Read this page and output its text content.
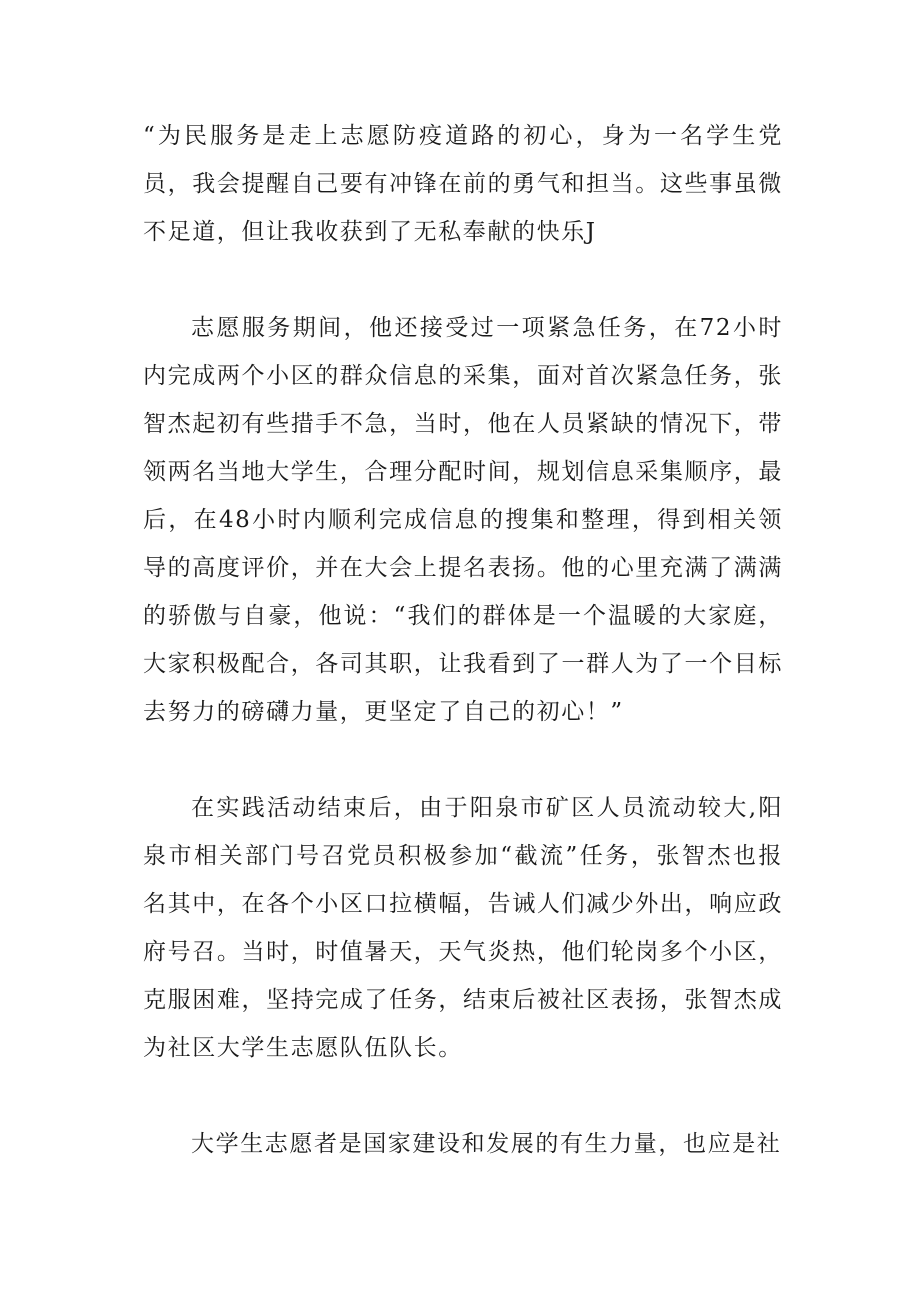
“为民服务是走上志愿防疫道路的初心，身为一名学生党员，我会提醒自己要有冲锋在前的勇气和担当。这些事虽微不足道，但让我收获到了无私奉献的快乐J

志愿服务期间，他还接受过一项紧急任务，在72小时内完成两个小区的群众信息的采集，面对首次紧急任务，张智杰起初有些措手不急，当时，他在人员紧缺的情况下，带领两名当地大学生，合理分配时间，规划信息采集顺序，最后，在48小时内顺利完成信息的搜集和整理，得到相关领导的高度评价，并在大会上提名表扬。他的心里充满了满满的骄傲与自豪，他说：“我们的群体是一个温暖的大家庭，大家积极配合，各司其职，让我看到了一群人为了一个目标去努力的磅礴力量，更坚定了自己的初心！”

在实践活动结束后，由于阳泉市矿区人员流动较大,阳泉市相关部门号召党员积极参加“截流”任务，张智杰也报名其中，在各个小区口拉横幅，告诫人们减少外出，响应政府号召。当时，时值暑天，天气炎热，他们轮岗多个小区，克服困难，坚持完成了任务，结束后被社区表扬，张智杰成为社区大学生志愿队伍队长。

大学生志愿者是国家建设和发展的有生力量，也应是社
